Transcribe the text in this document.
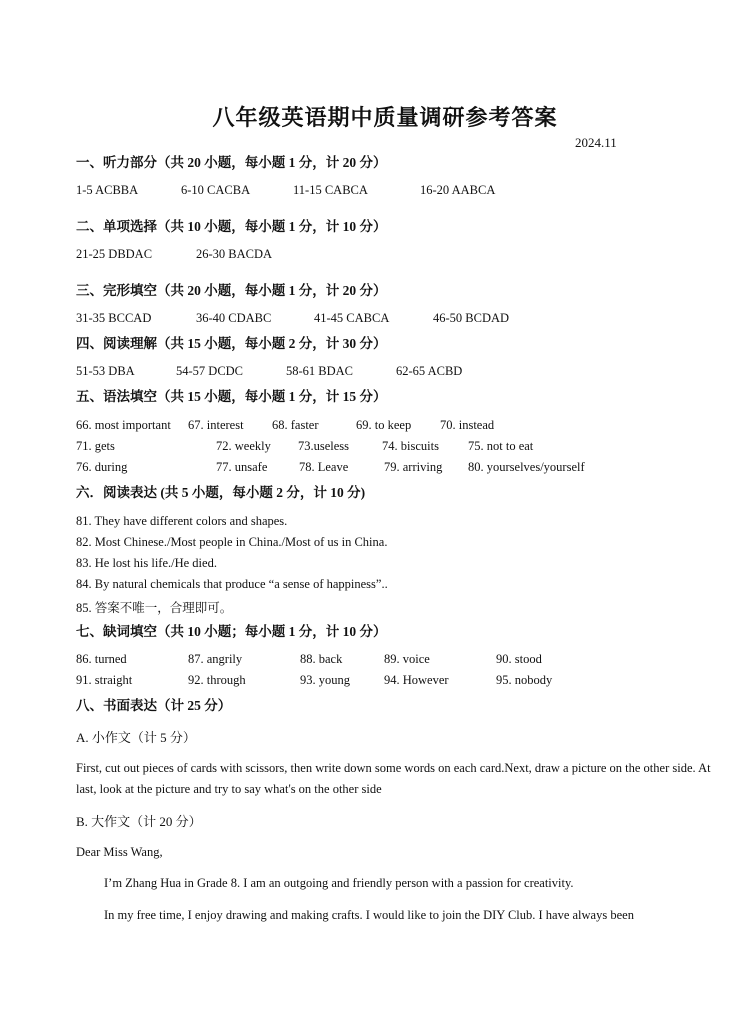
八年级英语期中质量调研参考答案
2024.11
一、听力部分（共 20 小题，每小题 1 分，计 20 分）
1-5 ACBBA	6-10 CACBA	11-15 CABCA	16-20 AABCA
二、单项选择（共 10 小题，每小题 1 分，计 10 分）
21-25 DBDAC	26-30 BACDA
三、完形填空（共 20 小题，每小题 1 分，计 20 分）
31-35 BCCAD	36-40 CDABC	41-45 CABCA	46-50 BCDAD
四、阅读理解（共 15 小题，每小题 2 分，计 30 分）
51-53 DBA	54-57 DCDC	58-61 BDAC	62-65 ACBD
五、语法填空（共 15 小题，每小题 1 分，计 15 分）
66. most important 67. interest 68. faster	69. to keep 70. instead
71. gets	72. weekly 73.useless	74. biscuits 75. not to eat
76. during	77. unsafe	78. Leave	79. arriving 80. yourselves/yourself
六．阅读表达 (共 5 小题，每小题 2 分，计 10 分)
81. They have different colors and shapes.
82. Most Chinese./Most people in China./Most of us in China.
83. He lost his life./He died.
84. By natural chemicals that produce “a sense of happiness”..
85. 答案不唯一，合理即可。
七、缺词填空（共 10 小题；每小题 1 分，计 10 分）
86. turned	87. angrily	88. back	89. voice	90. stood
91. straight	92. through	93. young	94. However	95. nobody
八、书面表达（计 25 分）
A. 小作文（计 5 分）
First, cut out pieces of cards with scissors, then write down some words on each card.Next, draw a picture on the other side. At last, look at the picture and try to say what's on the other side
B. 大作文（计 20 分）
Dear Miss Wang,
I’m Zhang Hua in Grade 8. I am an outgoing and friendly person with a passion for creativity.
In my free time, I enjoy drawing and making crafts. I would like to join the DIY Club. I have always been
